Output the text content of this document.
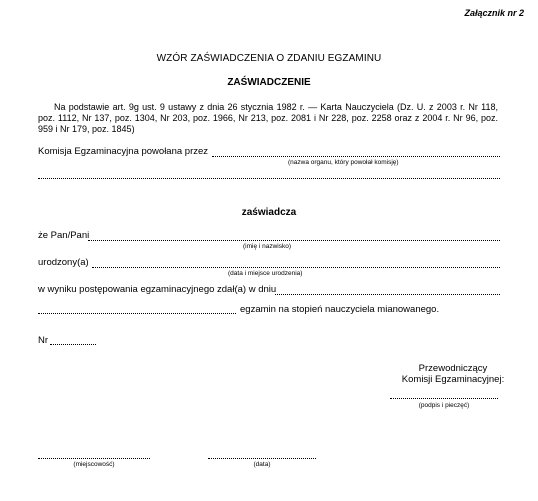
Załącznik nr 2
WZÓR ZAŚWIADCZENIA O ZDANIU EGZAMINU
ZAŚWIADCZENIE
Na podstawie art. 9g ust. 9 ustawy z dnia 26 stycznia 1982 r. — Karta Nauczyciela (Dz. U. z 2003 r. Nr 118, poz. 1112, Nr 137, poz. 1304, Nr 203, poz. 1966, Nr 213, poz. 2081 i Nr 228, poz. 2258 oraz z 2004 r. Nr 96, poz. 959 i Nr 179, poz. 1845)
Komisja Egzaminacyjna powołana przez
(nazwa organu, który powołał komisję)
zaświadcza
że Pan/Pani
(imię i nazwisko)
urodzony(a)
(data i miejsce urodzenia)
w wyniku postępowania egzaminacyjnego zdał(a) w dniu
egzamin na stopień nauczyciela mianowanego.
Nr
Przewodniczący
Komisji Egzaminacyjnej:
(podpis i pieczęć)
(miejscowość)	(data)
